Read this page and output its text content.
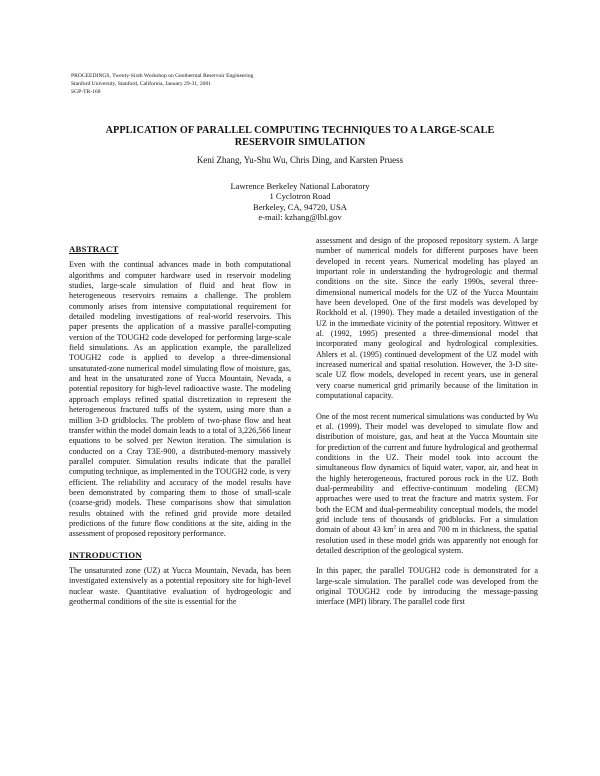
PROCEEDINGS, Twenty-Sixth Workshop on Geothermal Reservoir Engineering
Stanford University, Stanford, California, January 29-31, 2001
SGP-TR-168
APPLICATION OF PARALLEL COMPUTING TECHNIQUES TO A LARGE-SCALE
RESERVOIR SIMULATION
Keni Zhang, Yu-Shu Wu, Chris Ding, and Karsten Pruess
Lawrence Berkeley National Laboratory
1 Cyclotron Road
Berkeley, CA, 94720, USA
e-mail: kzhang@lbl.gov
ABSTRACT
Even with the continual advances made in both computational algorithms and computer hardware used in reservoir modeling studies, large-scale simulation of fluid and heat flow in heterogeneous reservoirs remains a challenge. The problem commonly arises from intensive computational requirement for detailed modeling investigations of real-world reservoirs. This paper presents the application of a massive parallel-computing version of the TOUGH2 code developed for performing large-scale field simulations. As an application example, the parallelized TOUGH2 code is applied to develop a three-dimensional unsaturated-zone numerical model simulating flow of moisture, gas, and heat in the unsaturated zone of Yucca Mountain, Nevada, a potential repository for high-level radioactive waste. The modeling approach employs refined spatial discretization to represent the heterogeneous fractured tuffs of the system, using more than a million 3-D gridblocks. The problem of two-phase flow and heat transfer within the model domain leads to a total of 3,226,566 linear equations to be solved per Newton iteration. The simulation is conducted on a Cray T3E-900, a distributed-memory massively parallel computer. Simulation results indicate that the parallel computing technique, as implemented in the TOUGH2 code, is very efficient. The reliability and accuracy of the model results have been demonstrated by comparing them to those of small-scale (coarse-grid) models. These comparisons show that simulation results obtained with the refined grid provide more detailed predictions of the future flow conditions at the site, aiding in the assessment of proposed repository performance.
INTRODUCTION
The unsaturated zone (UZ) at Yucca Mountain, Nevada, has been investigated extensively as a potential repository site for high-level nuclear waste. Quantitative evaluation of hydrogeologic and geothermal conditions of the site is essential for the
assessment and design of the proposed repository system. A large number of numerical models for different purposes have been developed in recent years. Numerical modeling has played an important role in understanding the hydrogeologic and thermal conditions on the site. Since the early 1990s, several three-dimensional numerical models for the UZ of the Yucca Mountain have been developed. One of the first models was developed by Rockhold et al. (1990). They made a detailed investigation of the UZ in the immediate vicinity of the potential repository. Wittwer et al. (1992, 1995) presented a three-dimensional model that incorporated many geological and hydrological complexities. Ahlers et al. (1995) continued development of the UZ model with increased numerical and spatial resolution. However, the 3-D site-scale UZ flow models, developed in recent years, use in general very coarse numerical grid primarily because of the limitation in computational capacity.
One of the most recent numerical simulations was conducted by Wu et al. (1999). Their model was developed to simulate flow and distribution of moisture, gas, and heat at the Yucca Mountain site for prediction of the current and future hydrological and geothermal conditions in the UZ. Their model took into account the simultaneous flow dynamics of liquid water, vapor, air, and heat in the highly heterogeneous, fractured porous rock in the UZ. Both dual-permeability and effective-continuum modeling (ECM) approaches were used to treat the fracture and matrix system. For both the ECM and dual-permeability conceptual models, the model grid include tens of thousands of gridblocks. For a simulation domain of about 43 $km^2$ in area and 700 m in thickness, the spatial resolution used in these model grids was apparently not enough for detailed description of the geological system.
In this paper, the parallel TOUGH2 code is demonstrated for a large-scale simulation. The parallel code was developed from the original TOUGH2 code by introducing the message-passing interface (MPI) library. The parallel code first
